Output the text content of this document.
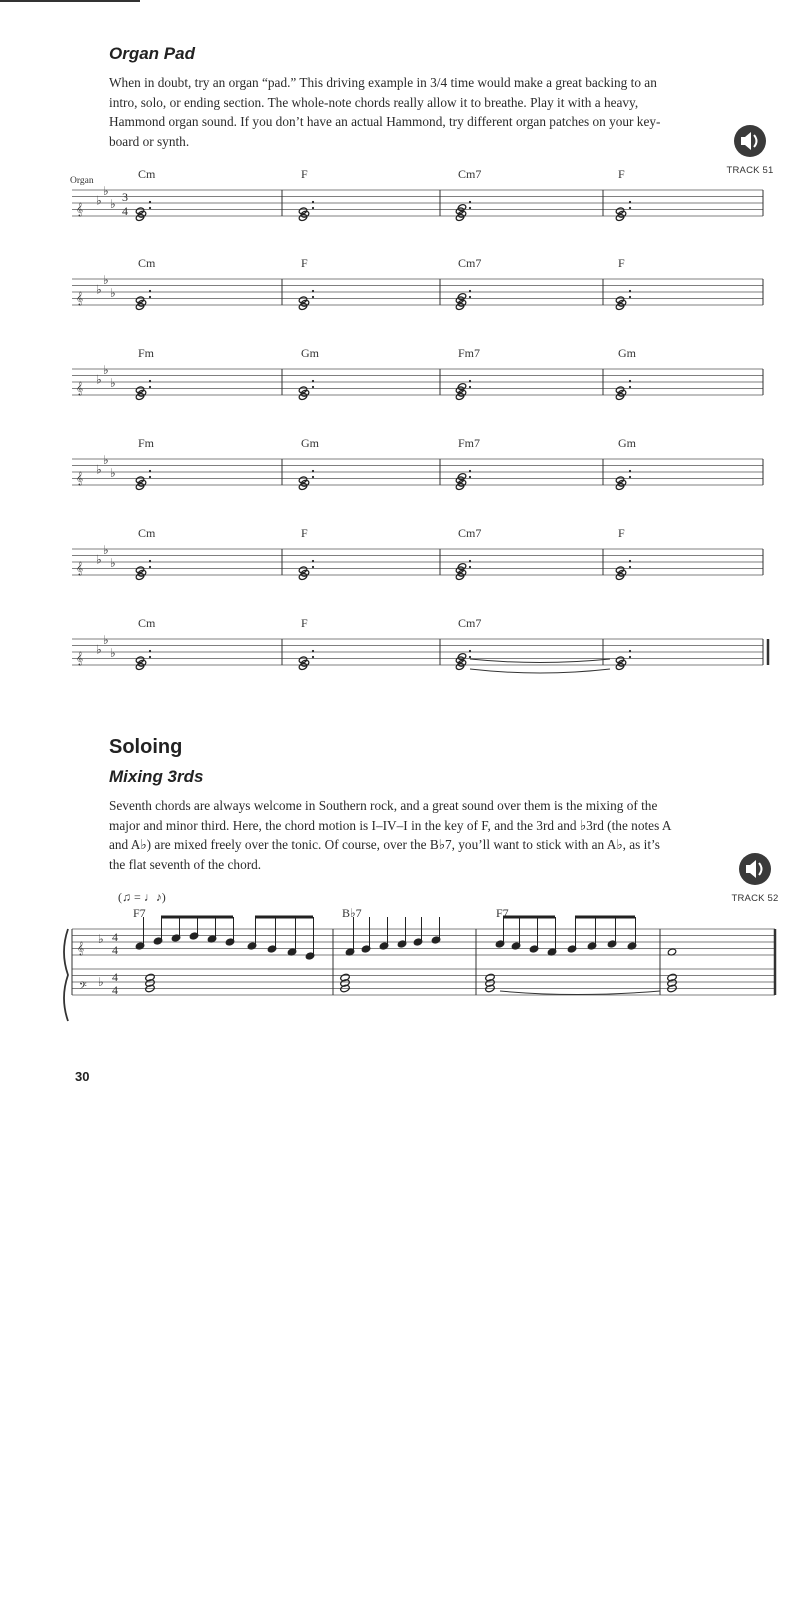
Organ Pad
When in doubt, try an organ “pad.” This driving example in 3/4 time would make a great backing to an
intro, solo, or ending section. The whole-note chords really allow it to breathe. Play it with a heavy,
Hammond organ sound. If you don’t have an actual Hammond, try different organ patches on your key-
board or synth.
TRACK 51
Soloing
Mixing 3rds
Seventh chords are always welcome in Southern rock, and a great sound over them is the mixing of the
major and minor third. Here, the chord motion is I–IV–I in the key of F, and the 3rd and ♭3rd (the notes A
and A♭) are mixed freely over the tonic. Of course, over the B♭7, you’ll want to stick with an A♭, as it’s
the flat seventh of the chord.
TRACK 52
30
𝄞
♭
♭
♭ 3
4
Cm	F	Cm7	F
𝄞
♭
♭
♭
Cm	F	Cm7	F
𝄞
♭
♭
♭
Fm	Gm	Fm7	Gm
𝄞
♭
♭
♭
Fm	Gm	Fm7	Gm
𝄞
♭
♭
♭
Cm	F	Cm7	F
𝄞
♭
♭
♭
Cm	F	Cm7
Organ
𝄞
𝄢
♭
♭
4
4
4
4
(♫ = ♩♪)
F7	B♭7	F7
